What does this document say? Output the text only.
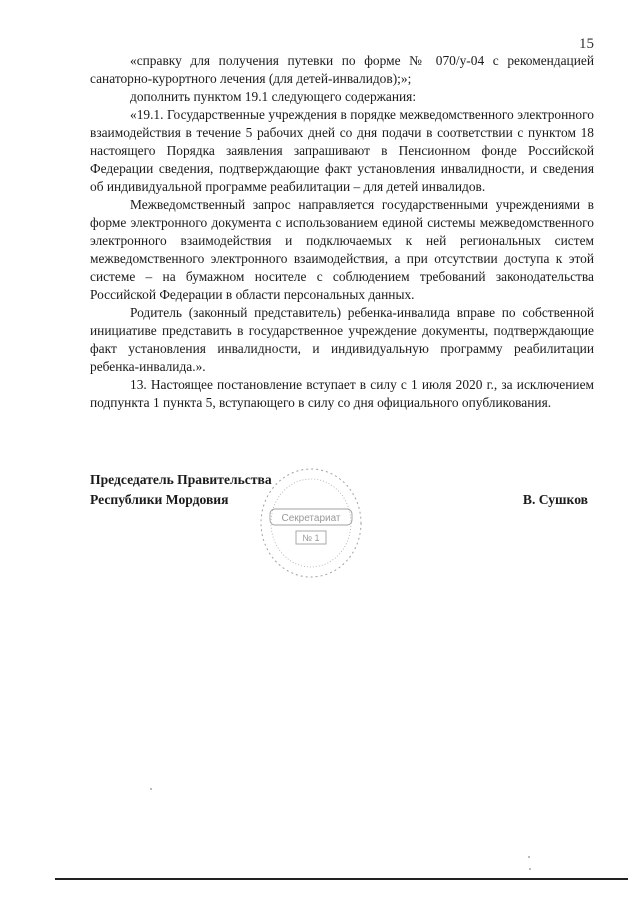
15

«справку для получения путевки по форме № 070/у-04 с рекомендацией санаторно-курортного лечения (для детей-инвалидов);»;

дополнить пунктом 19.1 следующего содержания:

«19.1. Государственные учреждения в порядке межведомственного электронного взаимодействия в течение 5 рабочих дней со дня подачи в соответствии с пунктом 18 настоящего Порядка заявления запрашивают в Пенсионном фонде Российской Федерации сведения, подтверждающие факт установления инвалидности, и сведения об индивидуальной программе реабилитации – для детей инвалидов.

Межведомственный запрос направляется государственными учреждениями в форме электронного документа с использованием единой системы межведомственного электронного взаимодействия и подключаемых к ней региональных систем межведомственного электронного взаимодействия, а при отсутствии доступа к этой системе – на бумажном носителе с соблюдением требований законодательства Российской Федерации в области персональных данных.

Родитель (законный представитель) ребенка-инвалида вправе по собственной инициативе представить в государственное учреждение документы, подтверждающие факт установления инвалидности, и индивидуальную программу реабилитации ребенка-инвалида.».

13. Настоящее постановление вступает в силу с 1 июля 2020 г., за исключением подпункта 1 пункта 5, вступающего в силу со дня официального опубликования.

Председатель Правительства
Республики Мордовия	В. Сушков
Секретариат
№ 1
